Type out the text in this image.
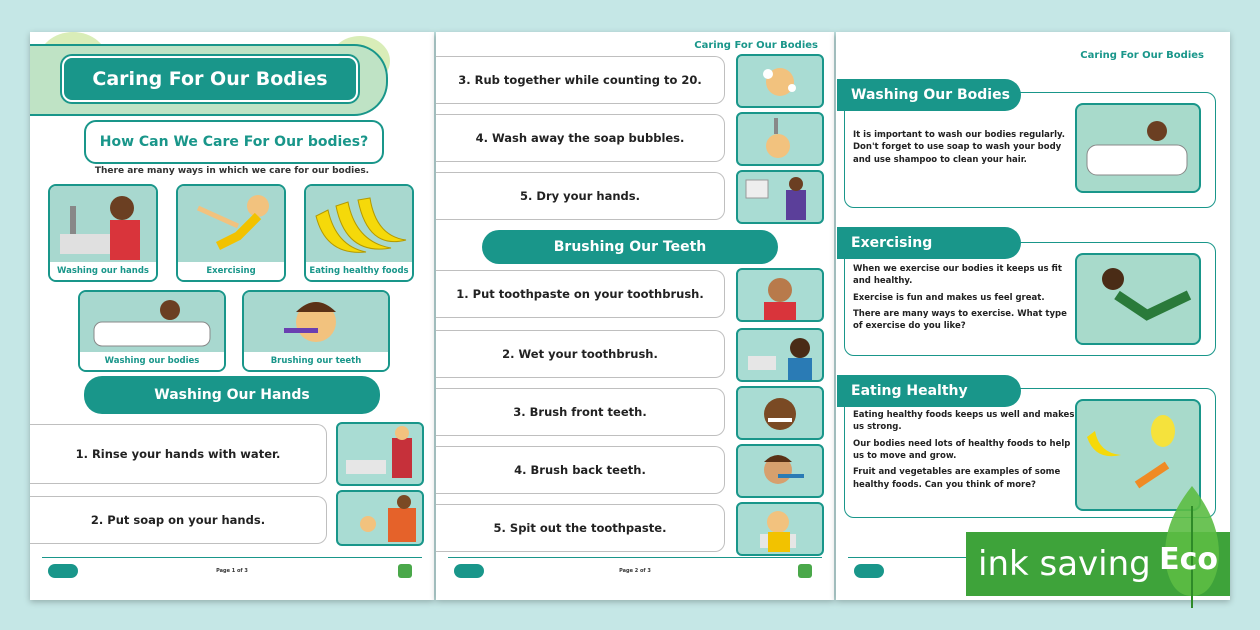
Caring For Our Bodies
How Can We Care For Our bodies?
There are many ways in which we care for our bodies.
Washing our hands	Exercising	Eating healthy foods
Washing our bodies	Brushing our teeth
Washing Our Hands
1. Rinse your hands with water.
2. Put soap on your hands.
Page 1 of 3
Caring For Our Bodies
3. Rub together while counting to 20.
4. Wash away the soap bubbles.
5. Dry your hands.
Brushing Our Teeth
1. Put toothpaste on your toothbrush.
2. Wet your toothbrush.
3. Brush front teeth.
4. Brush back teeth.
5. Spit out the toothpaste.
Page 2 of 3
Caring For Our Bodies
Washing Our Bodies

It is important to wash our bodies regularly. Don't forget to use soap to wash your body and use shampoo to clean your hair.

Exercising

When we exercise our bodies it keeps us fit and healthy.

Exercise is fun and makes us feel great.

There are many ways to exercise. What type of exercise do you like?

Eating Healthy

Eating healthy foods keeps us well and makes us strong.

Our bodies need lots of healthy foods to help us to move and grow.

Fruit and vegetables are examples of some healthy foods. Can you think of more?

ink saving Eco
